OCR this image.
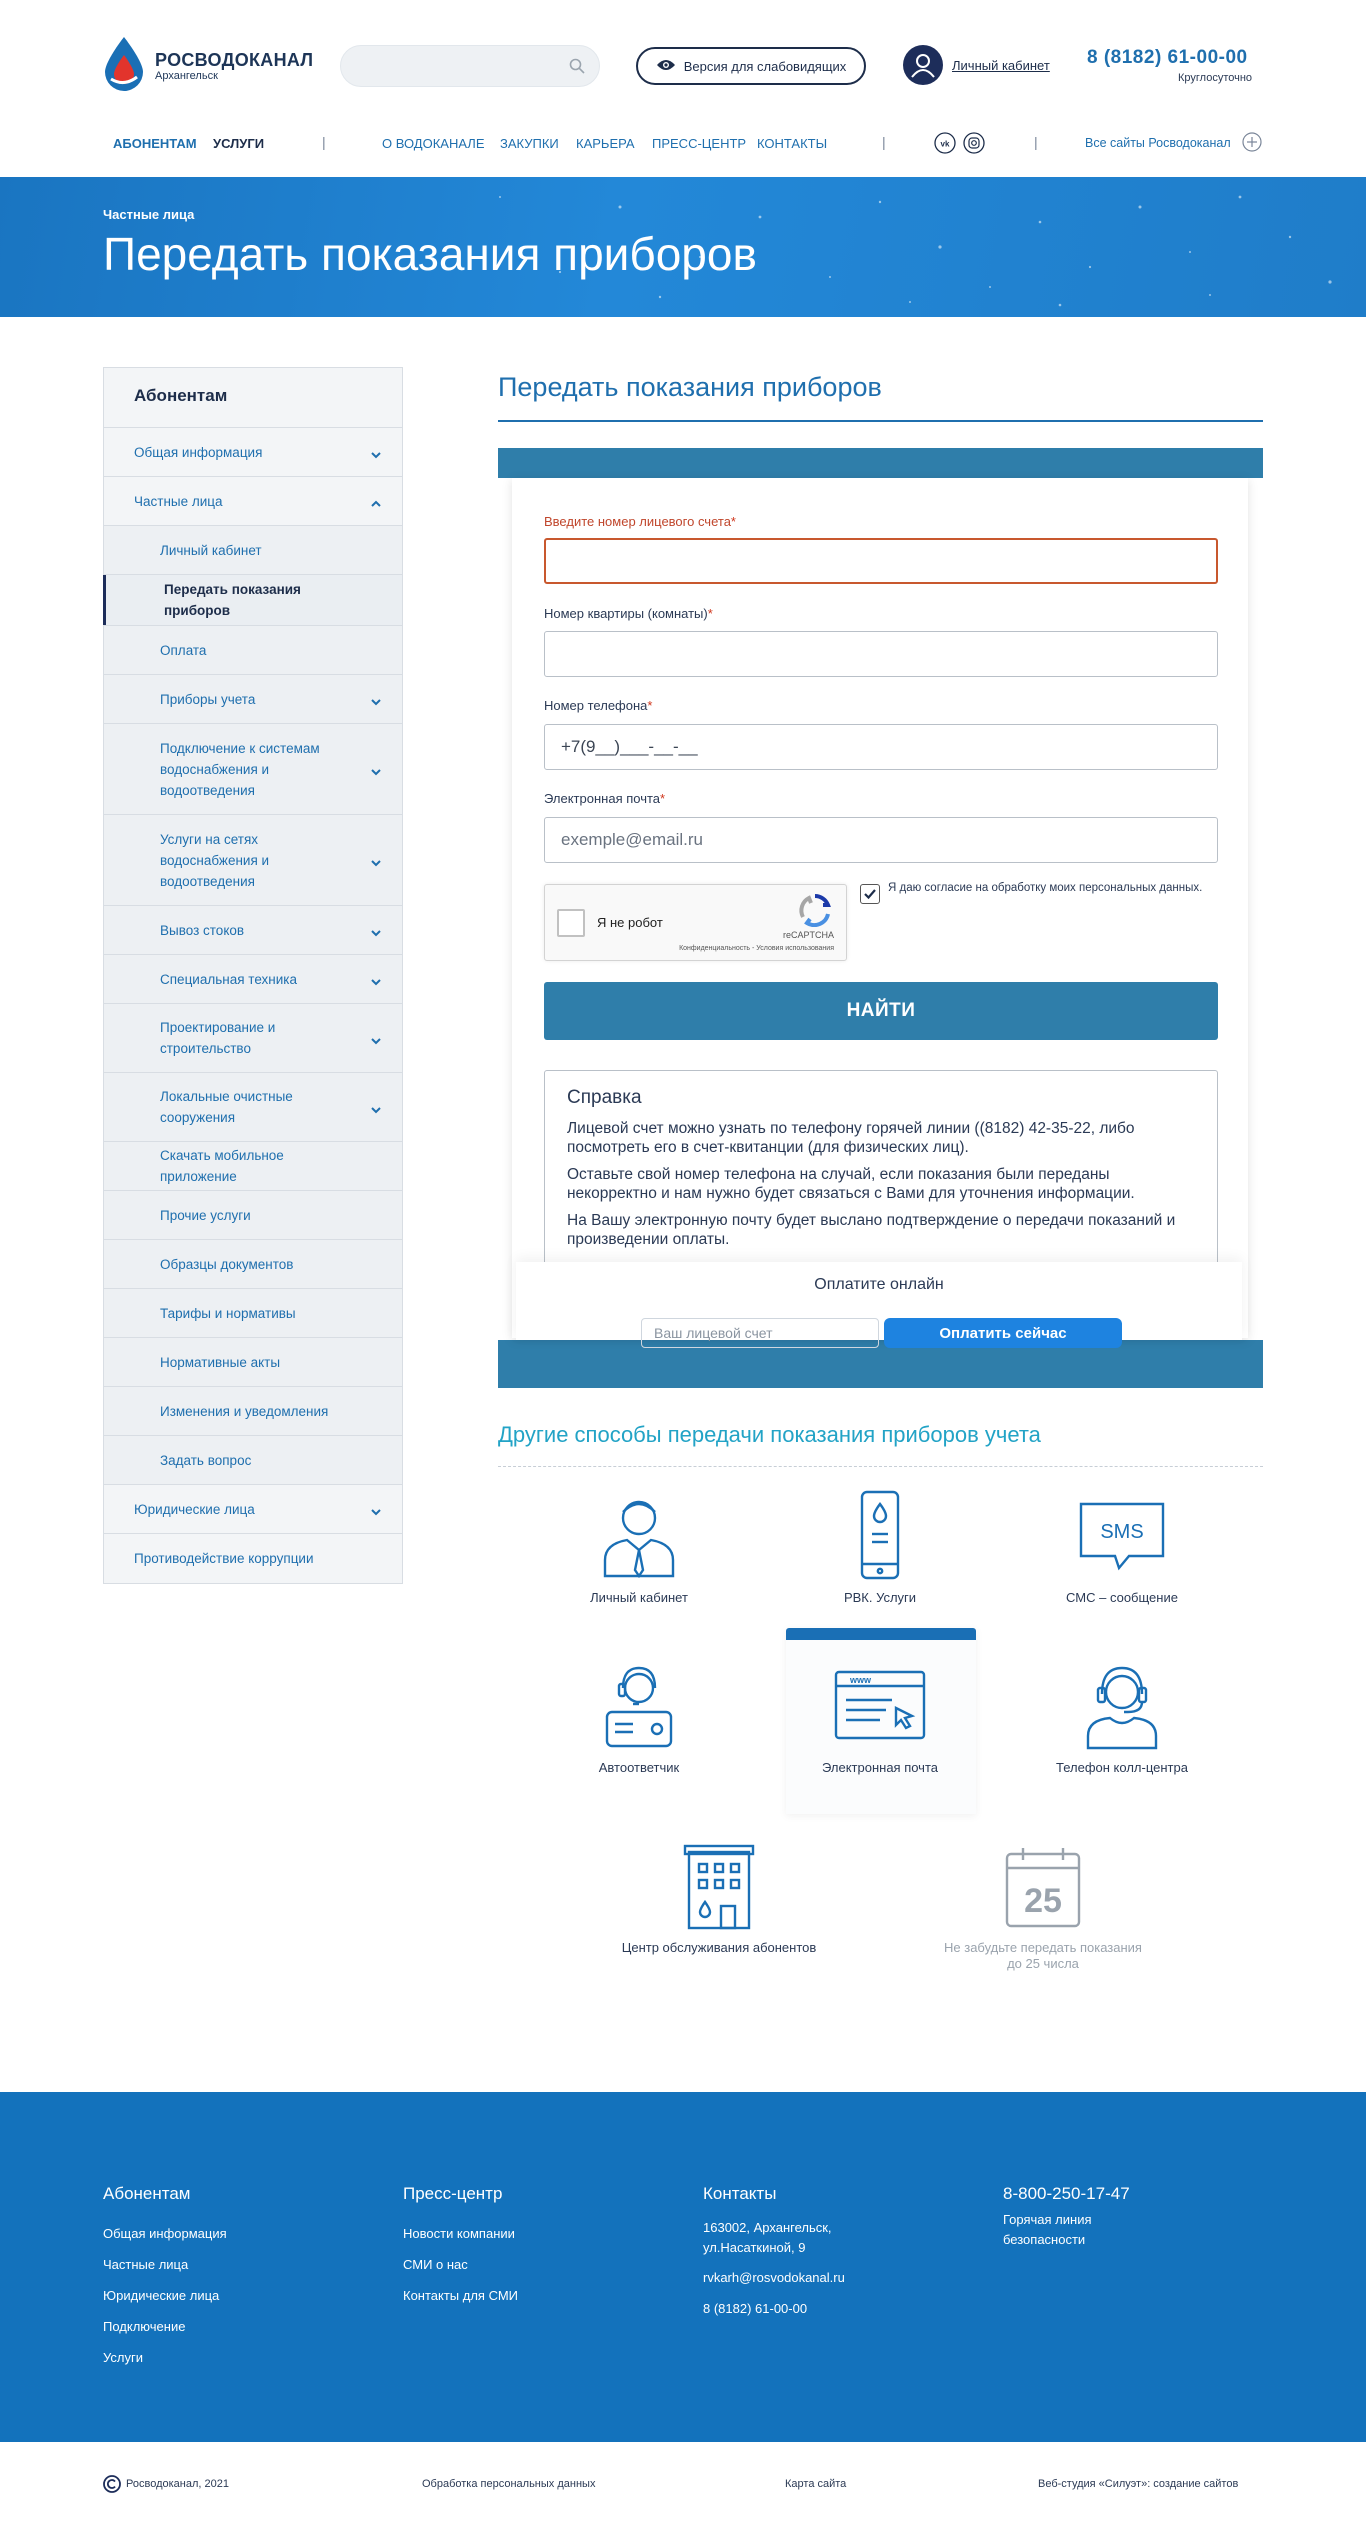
РОСВОДОКАНАЛ
Архангельск
Версия для слабовидящих	Личный кабинет 8 (8182) 61-00-00
Круглосуточно
АБОНЕНТАМ УСЛУГИ	|	О ВОДОКАНАЛЕ ЗАКУПКИ КАРЬЕРА ПРЕСС-ЦЕНТР КОНТАКТЫ	|	vk	|	Все сайты Росводоканал
Частные лица
Передать показания приборов
Абонентам
Общая информация
Частные лица
Личный кабинет
Передать показания приборов
Оплата
Приборы учета
Подключение к системам водоснабжения и водоотведения
Услуги на сетях водоснабжения и водоотведения
Вывоз стоков
Специальная техника
Проектирование и строительство
Локальные очистные сооружения
Скачать мобильное приложение
Прочие услуги
Образцы документов
Тарифы и нормативы
Нормативные акты
Изменения и уведомления
Задать вопрос
Юридические лица
Противодействие коррупции
Передать показания приборов
Введите номер лицевого счета*
Номер квартиры (комнаты)*
Номер телефона*
+7(9__)___-__-__
Электронная почта*
exemple@email.ru
Я не робот
reCAPTCHA
Конфиденциальность - Условия использования
Я даю согласие на обработку моих персональных данных.
НАЙТИ
Справка

Лицевой счет можно узнать по телефону горячей линии ((8182) 42-35-22, либо посмотреть его в счет-квитанции (для физических лиц).

Оставьте свой номер телефона на случай, если показания были переданы некорректно и нам нужно будет связаться с Вами для уточнения информации.

На Вашу электронную почту будет выслано подтверждение о передачи показаний и произведении оплаты.

Оплатите онлайн
Ваш лицевой счет	Оплатить сейчас
Другие способы передачи показания приборов учета
Личный кабинет	РВК. Услуги
SMS
СМС – сообщение
Автоответчик
www
Электронная почта	Телефон колл-центра
Центр обслуживания абонентов
25
Не забудьте передать показания до 25 числа
Абонентам
Общая информация
Частные лица
Юридические лица
Подключение
Услуги
Пресс-центр
Новости компании
СМИ о нас
Контакты для СМИ
Контакты
163002, Архангельск, ул.Насаткиной, 9
rvkarh@rosvodokanal.ru
8 (8182) 61-00-00
8-800-250-17-47
Горячая линия безопасности
Росводоканал, 2021	Обработка персональных данных	Карта сайта	Веб-студия «Силуэт»: создание сайтов
